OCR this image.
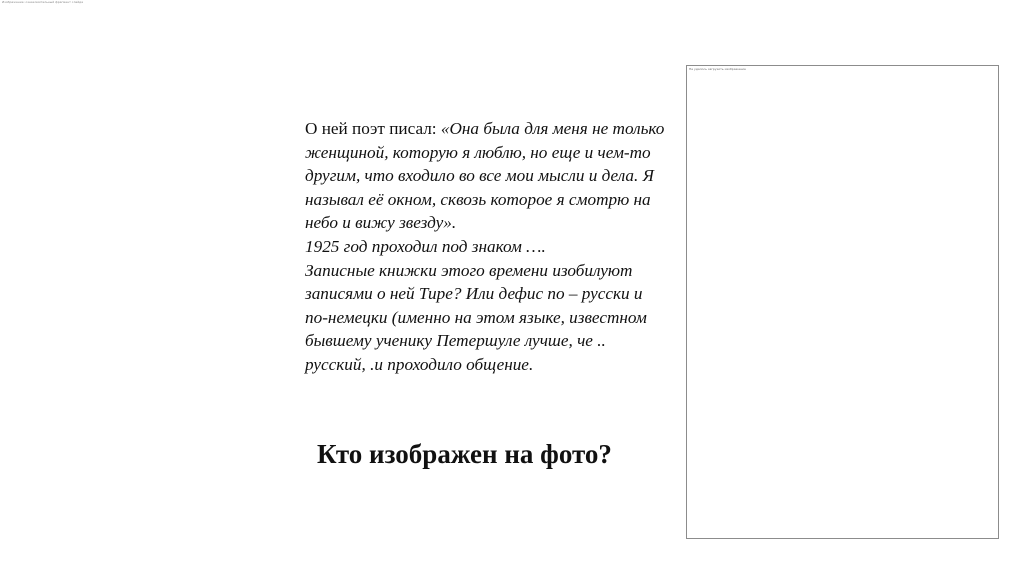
Изображение: ознакомительный фрагмент слайда

О ней поэт писал: «Она была для меня не только женщиной, которую я люблю, но еще и чем-то другим, что входило во все мои мысли и дела. Я называл её окном, сквозь которое я смотрю на небо и вижу звезду».

1925 год проходил под знаком ….

Записные книжки этого времени изобилуют записями о ней Тире? Или дефис по – русски и по-немецки (именно на этом языке, известном бывшему ученику Петершуле лучше, че .. русский, .и проходило общение.

Кто изображен на фото?
Не удалось загрузить изображение
